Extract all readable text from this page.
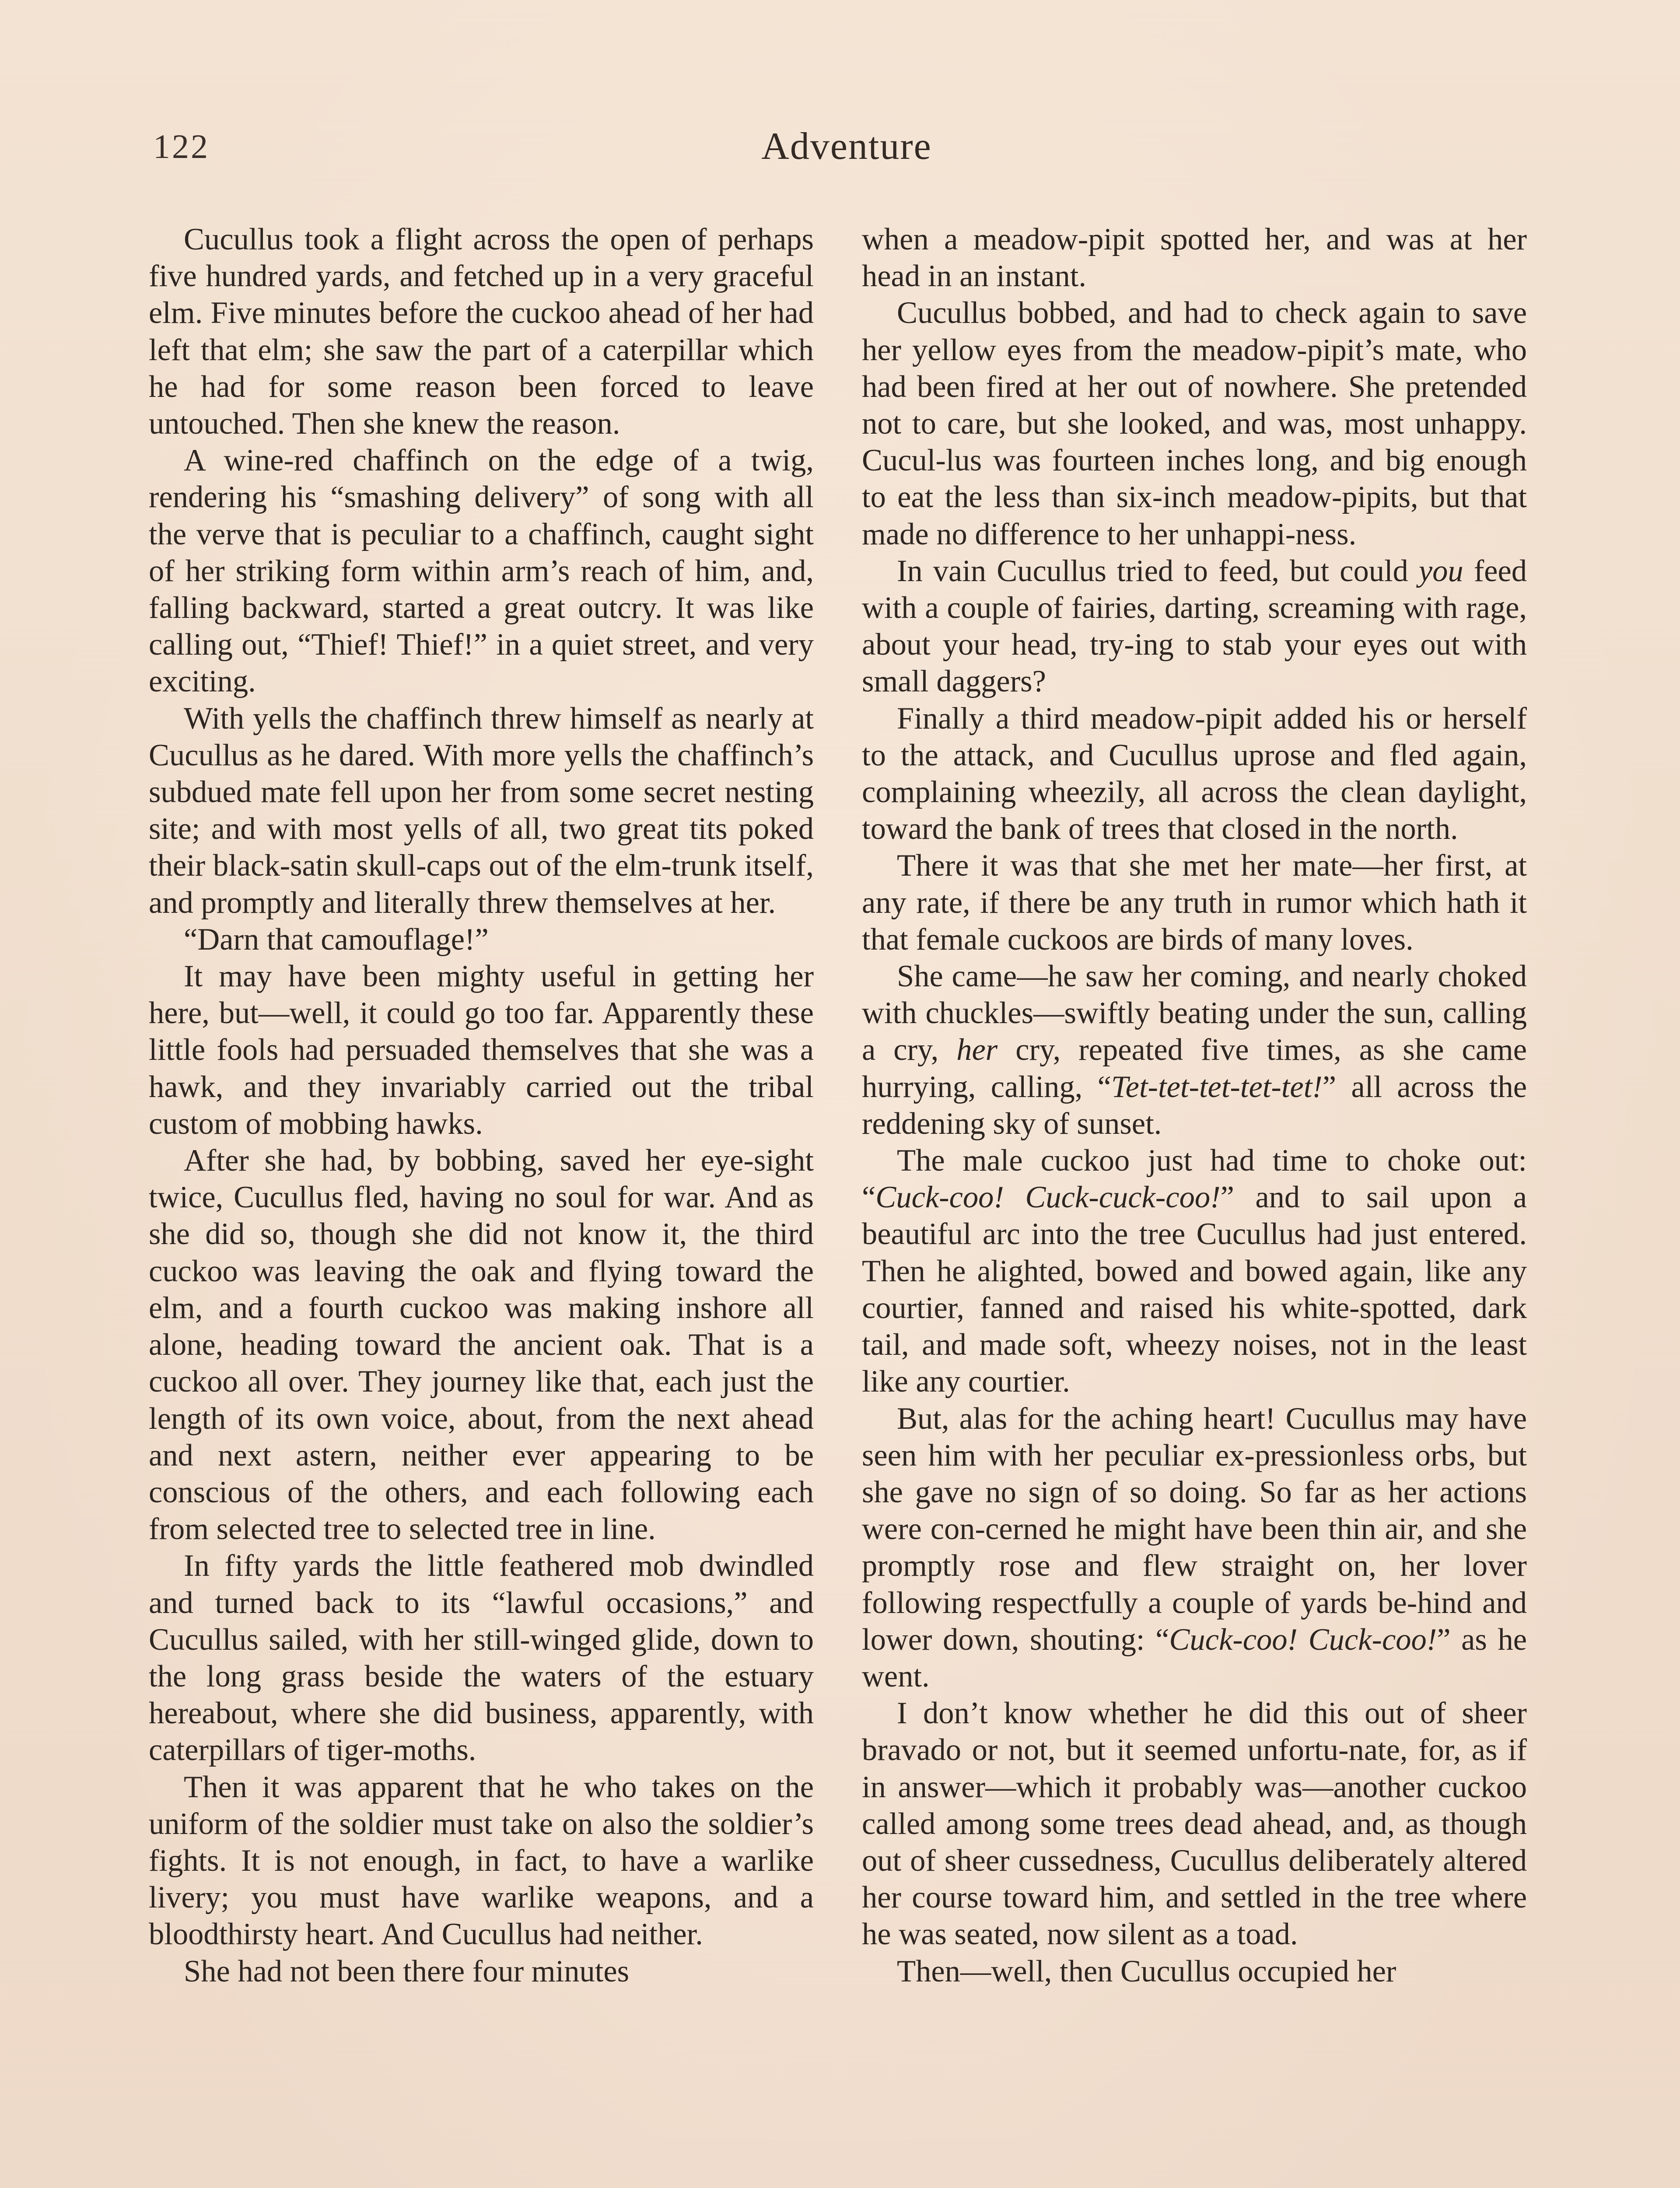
122	Adventure

Cucullus took a flight across the open of perhaps five hundred yards, and fetched up in a very graceful elm. Five minutes before the cuckoo ahead of her had left that elm; she saw the part of a caterpillar which he had for some reason been forced to leave untouched. Then she knew the reason.

A wine-red chaffinch on the edge of a twig, rendering his “smashing delivery” of song with all the verve that is peculiar to a chaffinch, caught sight of her striking form within arm’s reach of him, and, falling backward, started a great outcry. It was like calling out, “Thief! Thief!” in a quiet street, and very exciting.

With yells the chaffinch threw himself as nearly at Cucullus as he dared. With more yells the chaffinch’s subdued mate fell upon her from some secret nesting site; and with most yells of all, two great tits poked their black-satin skull-caps out of the elm-trunk itself, and promptly and literally threw themselves at her.

“Darn that camouflage!”

It may have been mighty useful in getting her here, but—well, it could go too far. Apparently these little fools had persuaded themselves that she was a hawk, and they invariably carried out the tribal custom of mobbing hawks.

After she had, by bobbing, saved her eye-sight twice, Cucullus fled, having no soul for war. And as she did so, though she did not know it, the third cuckoo was leaving the oak and flying toward the elm, and a fourth cuckoo was making inshore all alone, heading toward the ancient oak. That is a cuckoo all over. They journey like that, each just the length of its own voice, about, from the next ahead and next astern, neither ever appearing to be conscious of the others, and each following each from selected tree to selected tree in line.

In fifty yards the little feathered mob dwindled and turned back to its “lawful occasions,” and Cucullus sailed, with her still-winged glide, down to the long grass beside the waters of the estuary hereabout, where she did business, apparently, with caterpillars of tiger-moths.

Then it was apparent that he who takes on the uniform of the soldier must take on also the soldier’s fights. It is not enough, in fact, to have a warlike livery; you must have warlike weapons, and a bloodthirsty heart. And Cucullus had neither.

She had not been there four minutes

when a meadow-pipit spotted her, and was at her head in an instant.

Cucullus bobbed, and had to check again to save her yellow eyes from the meadow-pipit’s mate, who had been fired at her out of nowhere. She pretended not to care, but she looked, and was, most unhappy. Cucul-lus was fourteen inches long, and big enough to eat the less than six-inch meadow-pipits, but that made no difference to her unhappi-ness.

In vain Cucullus tried to feed, but could you feed with a couple of fairies, darting, screaming with rage, about your head, try-ing to stab your eyes out with small daggers?

Finally a third meadow-pipit added his or herself to the attack, and Cucullus uprose and fled again, complaining wheezily, all across the clean daylight, toward the bank of trees that closed in the north.

There it was that she met her mate—her first, at any rate, if there be any truth in rumor which hath it that female cuckoos are birds of many loves.

She came—he saw her coming, and nearly choked with chuckles—swiftly beating under the sun, calling a cry, her cry, repeated five times, as she came hurrying, calling, “Tet-tet-tet-tet-tet!” all across the reddening sky of sunset.

The male cuckoo just had time to choke out: “Cuck-coo! Cuck-cuck-coo!” and to sail upon a beautiful arc into the tree Cucullus had just entered. Then he alighted, bowed and bowed again, like any courtier, fanned and raised his white-spotted, dark tail, and made soft, wheezy noises, not in the least like any courtier.

But, alas for the aching heart! Cucullus may have seen him with her peculiar ex-pressionless orbs, but she gave no sign of so doing. So far as her actions were con-cerned he might have been thin air, and she promptly rose and flew straight on, her lover following respectfully a couple of yards be-hind and lower down, shouting: “Cuck-coo! Cuck-coo!” as he went.

I don’t know whether he did this out of sheer bravado or not, but it seemed unfortu-nate, for, as if in answer—which it probably was—another cuckoo called among some trees dead ahead, and, as though out of sheer cussedness, Cucullus deliberately altered her course toward him, and settled in the tree where he was seated, now silent as a toad.

Then—well, then Cucullus occupied her
